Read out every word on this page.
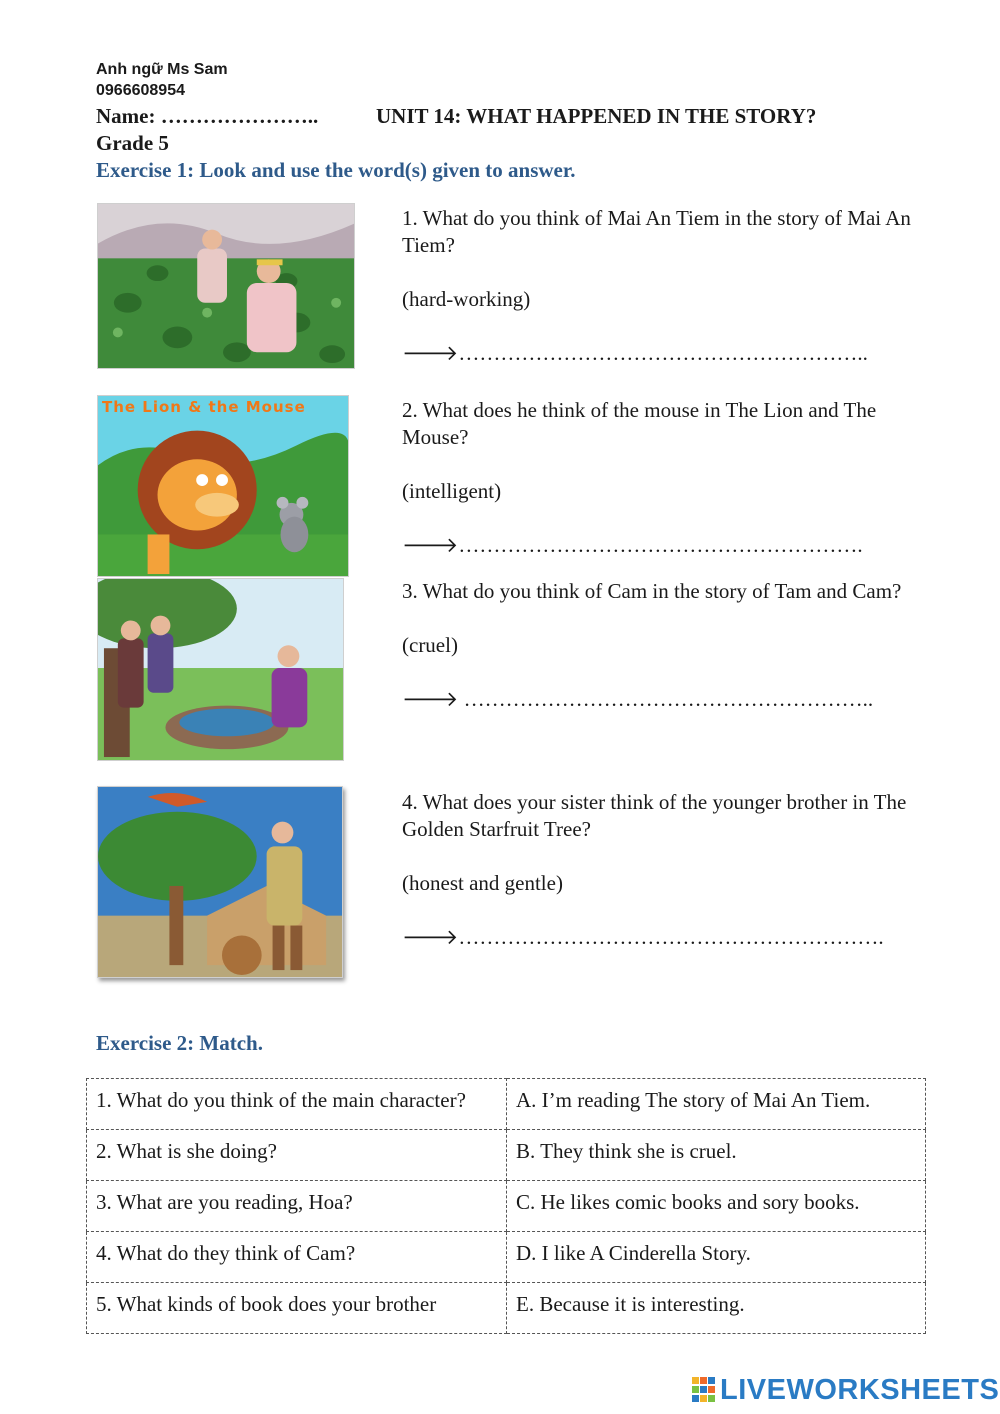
Anh ngữ Ms Sam
0966608954
Name: …………………..	UNIT 14: WHAT HAPPENED IN THE STORY?
Grade 5
Exercise 1: Look and use the word(s) given to answer.
The Lion & the Mouse

1. What do you think of Mai An Tiem in the story of Mai An Tiem?

(hard-working)

🡒…………………………………………………..

2. What does he think of the mouse in The Lion and The Mouse?

(intelligent)

🡒………………………………………………….

3. What do you think of Cam in the story of Tam and Cam?

(cruel)

🡒 …………………………………………………..

4. What does your sister think of the younger brother in The Golden Starfruit Tree?

(honest and gentle)

🡒…………………………………………………….

Exercise 2: Match.
1. What do you think of the main character?	A. I’m reading The story of Mai An Tiem.
2. What is she doing?	B. They think she is cruel.
3. What are you reading, Hoa?	C. He likes comic books and sory books.
4. What do they think of Cam?	D. I like A Cinderella Story.
5. What kinds of book does your brother	E. Because it is interesting.
LIVEWORKSHEETS
